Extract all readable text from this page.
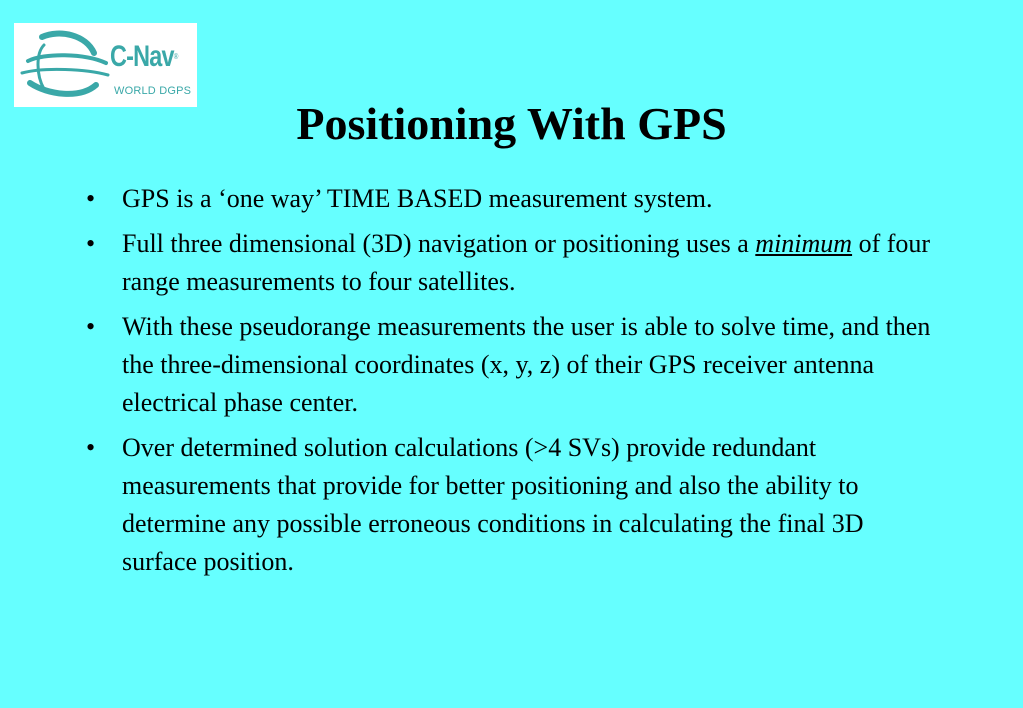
C-Nav®
WORLD DGPS
Positioning With GPS
• GPS is a ‘one way’ TIME BASED measurement system.
• Full three dimensional (3D) navigation or positioning uses a minimum of four range measurements to four satellites.
• With these pseudorange measurements the user is able to solve time, and then the three-dimensional coordinates (x, y, z) of their GPS receiver antenna electrical phase center.
• Over determined solution calculations (>4 SVs) provide redundant measurements that provide for better positioning and also the ability to determine any possible erroneous conditions in calculating the final 3D surface position.
